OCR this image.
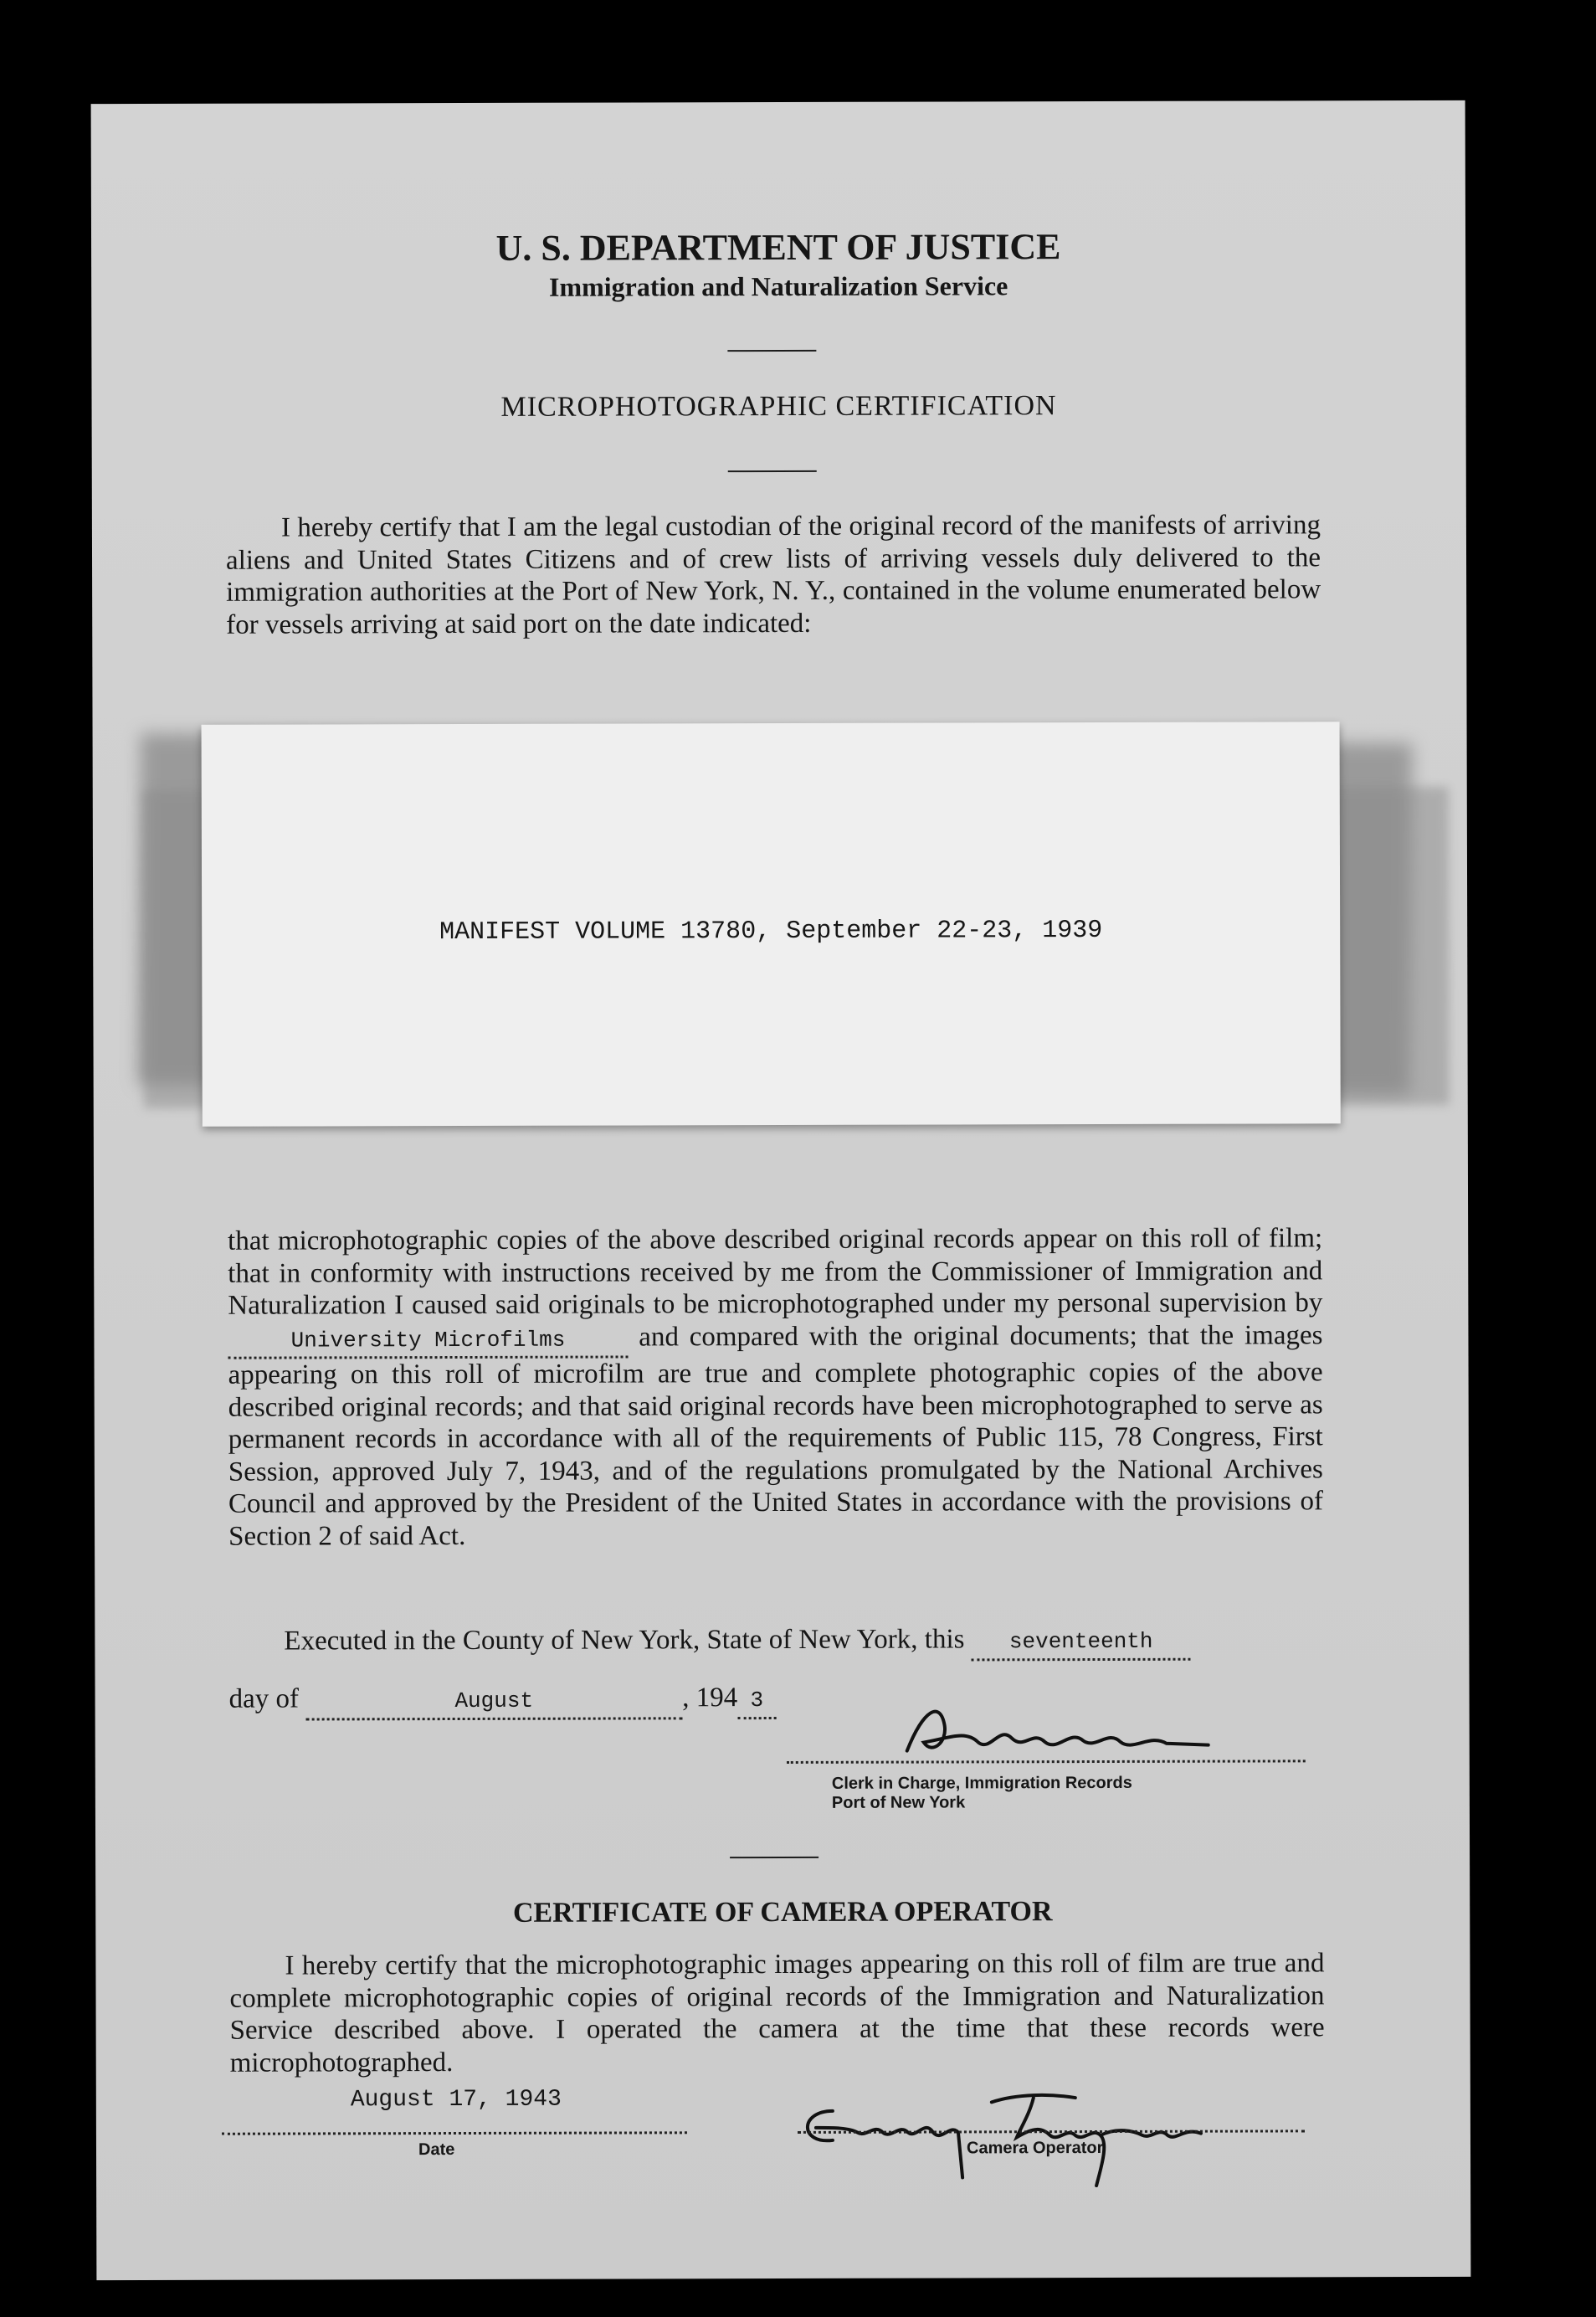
U. S. DEPARTMENT OF JUSTICE
Immigration and Naturalization Service
MICROPHOTOGRAPHIC CERTIFICATION
I hereby certify that I am the legal custodian of the original record of the manifests of arriving aliens and United States Citizens and of crew lists of arriving vessels duly delivered to the immigration authorities at the Port of New York, N. Y., contained in the volume enumerated below for vessels arriving at said port on the date indicated:
MANIFEST VOLUME 13780, September 22-23, 1939
that microphotographic copies of the above described original records appear on this roll of film; that in conformity with instructions received by me from the Commissioner of Immigration and Naturalization I caused said originals to be microphotographed under my personal supervision by University Microfilms	and compared with the original documents; that the images appearing on this roll of microfilm are true and complete photographic copies of the above described original records; and that said original records have been microphotographed to serve as permanent records in accordance with all of the requirements of Public 115, 78 Congress, First Session, approved July 7, 1943, and of the regulations promulgated by the National Archives Council and approved by the President of the United States in accordance with the provisions of Section 2 of said Act.
Executed in the County of New York, State of New York, this seventeenth
day of	August	, 194 3
Clerk in Charge, Immigration Records
Port of New York
CERTIFICATE OF CAMERA OPERATOR
I hereby certify that the microphotographic images appearing on this roll of film are true and complete microphotographic copies of original records of the Immigration and Naturalization Service described above. I operated the camera at the time that these records were microphotographed.
August 17, 1943
Date	Camera Operator
